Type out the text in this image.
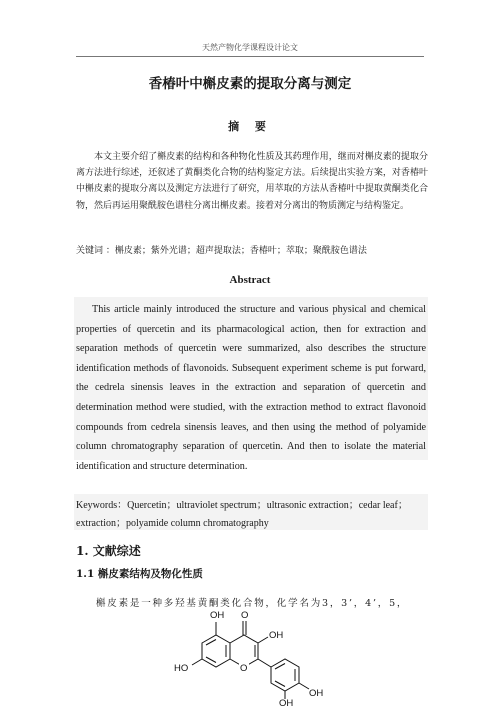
天然产物化学课程设计论文
香椿叶中槲皮素的提取分离与测定
摘 要

本文主要介绍了槲皮素的结构和各种物化性质及其药理作用，继而对槲皮素的提取分离方法进行综述，还叙述了黄酮类化合物的结构鉴定方法。后续提出实验方案，对香椿叶中槲皮素的提取分离以及测定方法进行了研究，用萃取的方法从香椿叶中提取黄酮类化合物，然后再运用聚酰胺色谱柱分离出槲皮素。接着对分离出的物质测定与结构鉴定。

关键词 ：槲皮素；紫外光谱；超声提取法；香椿叶；萃取；聚酰胺色谱法

Abstract

This article mainly introduced the structure and various physical and chemical properties of quercetin and its pharmacological action, then for extraction and separation methods of quercetin were summarized, also describes the structure identification methods of flavonoids. Subsequent experiment scheme is put forward, the cedrela sinensis leaves in the extraction and separation of quercetin and determination method were studied, with the extraction method to extract flavonoid compounds from cedrela sinensis leaves, and then using the method of polyamide column chromatography separation of quercetin. And then to isolate the material identification and structure determination.

Keywords：Quercetin；ultraviolet spectrum；ultrasonic extraction；cedar leaf；extraction；polyamide column chromatography

1. 文献综述
1.1 槲皮素结构及物化性质

槲皮素是一种多羟基黄酮类化合物，化学名为3，3’，4’，5，

OH O
OH
HO	O
OH
OH
